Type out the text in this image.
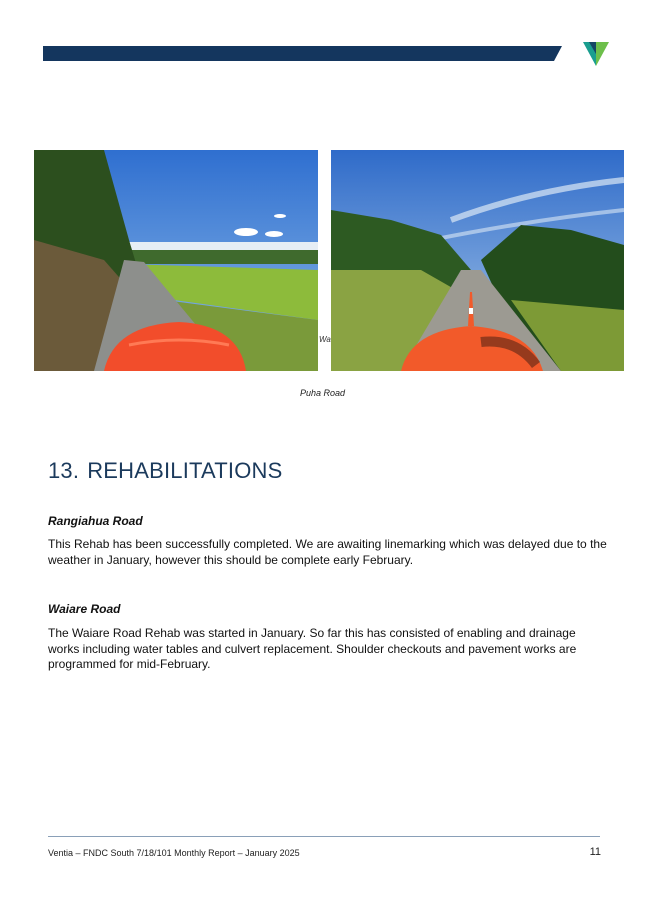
Wa
Puha Road
13. REHABILITATIONS
Rangiahua Road
This Rehab has been successfully completed. We are awaiting linemarking which was delayed due to the weather in January, however this should be complete early February.
Waiare Road
The Waiare Road Rehab was started in January. So far this has consisted of enabling and drainage works including water tables and culvert replacement. Shoulder checkouts and pavement works are programmed for mid-February.
Ventia – FNDC South 7/18/101 Monthly Report – January 2025	11
